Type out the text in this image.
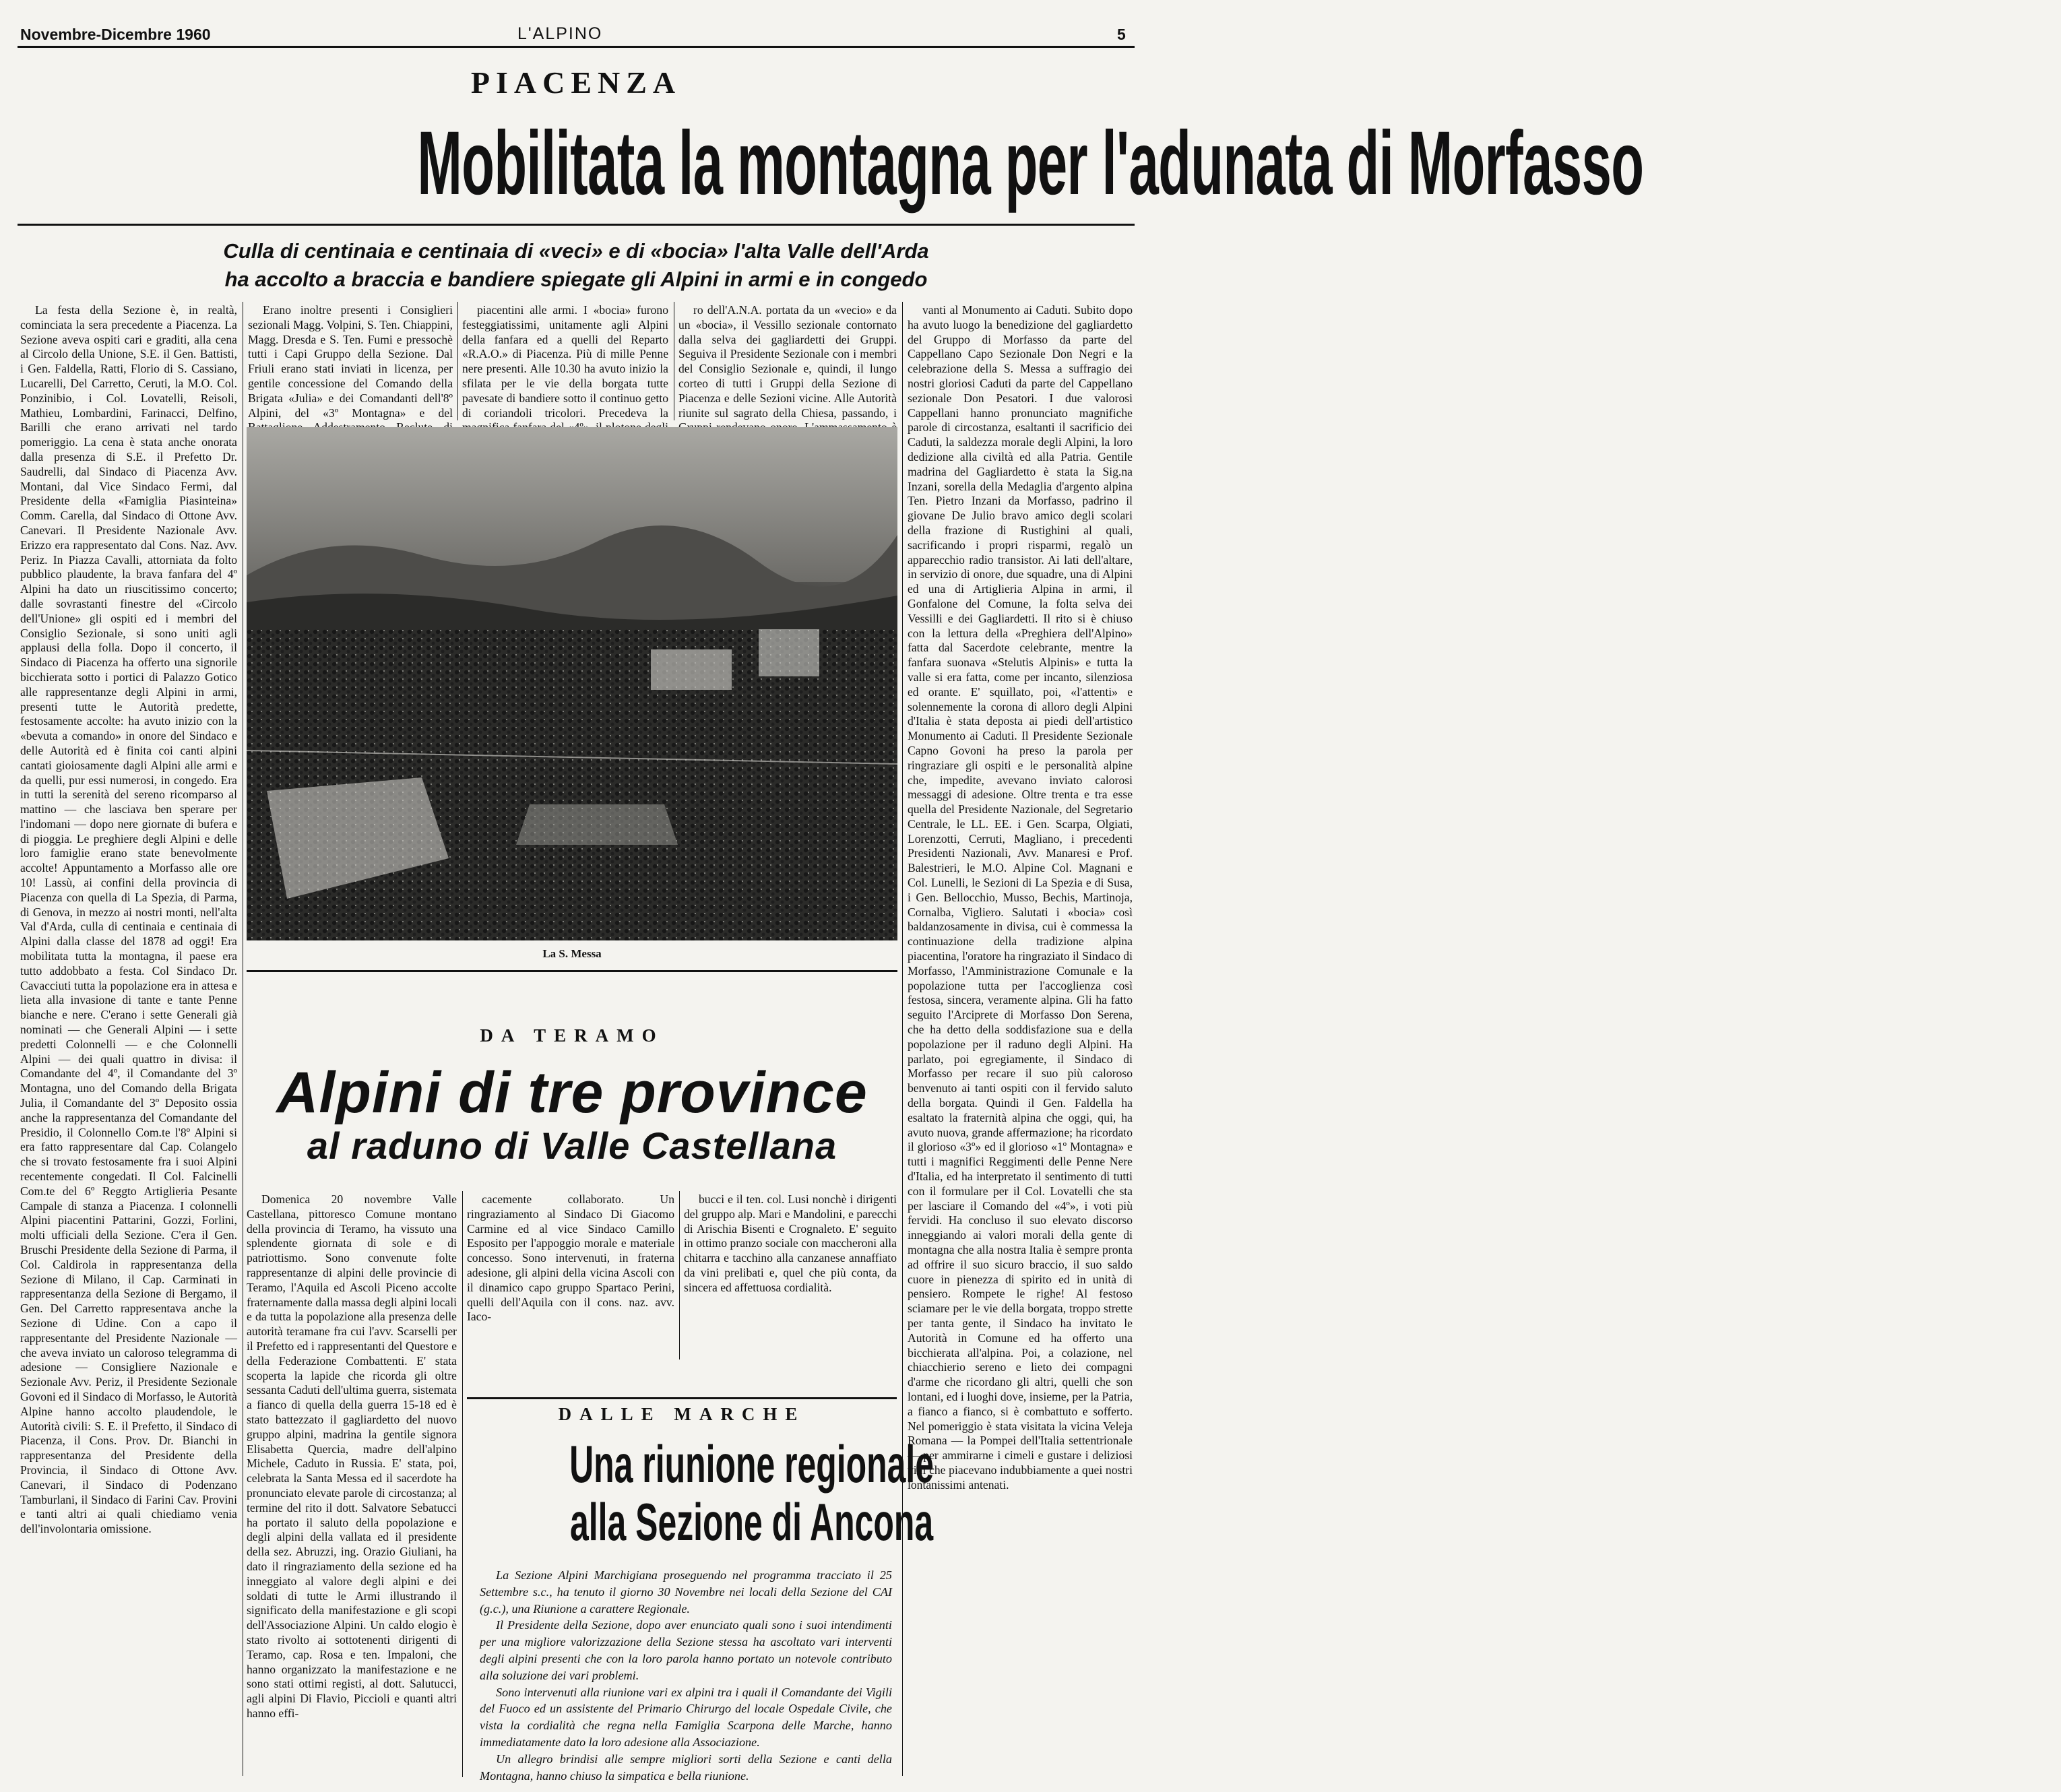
Novembre-Dicembre 1960	L'ALPINO	5
PIACENZA
Mobilitata la montagna per l'adunata di Morfasso
Culla di centinaia e centinaia di «veci» e di «bocia» l'alta Valle dell'Arda
ha accolto a braccia e bandiere spiegate gli Alpini in armi e in congedo

La festa della Sezione è, in realtà, cominciata la sera precedente a Piacenza. La Sezione aveva ospiti cari e graditi, alla cena al Circolo della Unione, S.E. il Gen. Battisti, i Gen. Faldella, Ratti, Florio di S. Cassiano, Lucarelli, Del Carretto, Ceruti, la M.O. Col. Ponzinibio, i Col. Lovatelli, Reisoli, Mathieu, Lombardini, Farinacci, Delfino, Barilli che erano arrivati nel tardo pomeriggio. La cena è stata anche onorata dalla presenza di S.E. il Prefetto Dr. Saudrelli, dal Sindaco di Piacenza Avv. Montani, dal Vice Sindaco Fermi, dal Presidente della «Famiglia Piasinteina» Comm. Carella, dal Sindaco di Ottone Avv. Canevari. Il Presidente Nazionale Avv. Erizzo era rappresentato dal Cons. Naz. Avv. Periz. In Piazza Cavalli, attorniata da folto pubblico plaudente, la brava fanfara del 4º Alpini ha dato un riuscitissimo concerto; dalle sovrastanti finestre del «Circolo dell'Unione» gli ospiti ed i membri del Consiglio Sezionale, si sono uniti agli applausi della folla. Dopo il concerto, il Sindaco di Piacenza ha offerto una signorile bicchierata sotto i portici di Palazzo Gotico alle rappresentanze degli Alpini in armi, presenti tutte le Autorità predette, festosamente accolte: ha avuto inizio con la «bevuta a comando» in onore del Sindaco e delle Autorità ed è finita coi canti alpini cantati gioiosamente dagli Alpini alle armi e da quelli, pur essi numerosi, in congedo. Era in tutti la serenità del sereno ricomparso al mattino — che lasciava ben sperare per l'indomani — dopo nere giornate di bufera e di pioggia. Le preghiere degli Alpini e delle loro famiglie erano state benevolmente accolte! Appuntamento a Morfasso alle ore 10! Lassù, ai confini della provincia di Piacenza con quella di La Spezia, di Parma, di Genova, in mezzo ai nostri monti, nell'alta Val d'Arda, culla di centinaia e centinaia di Alpini dalla classe del 1878 ad oggi! Era mobilitata tutta la montagna, il paese era tutto addobbato a festa. Col Sindaco Dr. Cavacciuti tutta la popolazione era in attesa e lieta alla invasione di tante e tante Penne bianche e nere. C'erano i sette Generali già nominati — che Generali Alpini — i sette predetti Colonnelli — e che Colonnelli Alpini — dei quali quattro in divisa: il Comandante del 4º, il Comandante del 3º Montagna, uno del Comando della Brigata Julia, il Comandante del 3º Deposito ossia anche la rappresentanza del Comandante del Presidio, il Colonnello Com.te l'8º Alpini si era fatto rappresentare dal Cap. Colangelo che si trovato festosamente fra i suoi Alpini recentemente congedati. Il Col. Falcinelli Com.te del 6º Reggto Artiglieria Pesante Campale di stanza a Piacenza. I colonnelli Alpini piacentini Pattarini, Gozzi, Forlini, molti ufficiali della Sezione. C'era il Gen. Bruschi Presidente della Sezione di Parma, il Col. Caldirola in rappresentanza della Sezione di Milano, il Cap. Carminati in rappresentanza della Sezione di Bergamo, il Gen. Del Carretto rappresentava anche la Sezione di Udine. Con a capo il rappresentante del Presidente Nazionale — che aveva inviato un caloroso telegramma di adesione — Consigliere Nazionale e Sezionale Avv. Periz, il Presidente Sezionale Govoni ed il Sindaco di Morfasso, le Autorità Alpine hanno accolto plaudendole, le Autorità civili: S. E. il Prefetto, il Sindaco di Piacenza, il Cons. Prov. Dr. Bianchi in rappresentanza del Presidente della Provincia, il Sindaco di Ottone Avv. Canevari, il Sindaco di Podenzano Tamburlani, il Sindaco di Farini Cav. Provini e tanti altri ai quali chiediamo venia dell'involontaria omissione.

Erano inoltre presenti i Consiglieri sezionali Magg. Volpini, S. Ten. Chiappini, Magg. Dresda e S. Ten. Fumi e pressochè tutti i Capi Gruppo della Sezione. Dal Friuli erano stati inviati in licenza, per gentile concessione del Comando della Brigata «Julia» e dei Comandanti dell'8º Alpini, del «3º Montagna» e del

piacentini alle armi. I «bocia» furono festeggiatissimi, unitamente agli Alpini della fanfara ed a quelli del Reparto «R.A.O.» di Piacenza. Più di mille Penne nere presenti. Alle 10.30 ha avuto inizio la sfilata per le vie della borgata tutte pavesate di bandiere sotto il continuo getto di coriandoli tricolori. Precedeva la

ro dell'A.N.A. portata da un «vecio» e da un «bocia», il Vessillo sezionale contornato dalla selva dei gagliardetti dei Gruppi. Seguiva il Presidente Sezionale con i membri del Consiglio Sezionale e, quindi, il lungo corteo di tutti i Gruppi della Sezione di Piacenza e delle Sezioni vicine. Alle Autorità riunite sul sagrato della Chiesa, passando, i

vanti al Monumento ai Caduti. Subito dopo ha avuto luogo la benedizione del gagliardetto del Gruppo di Morfasso da parte del Cappellano Capo Sezionale Don Negri e la celebrazione della S. Messa a suffragio dei nostri gloriosi Caduti da parte del Cappellano sezionale Don Pesatori. I due valorosi Cappellani hanno pronunciato magnifiche parole di circostanza, esaltanti il sacrificio dei Caduti, la saldezza morale degli Alpini, la loro dedizione alla civiltà ed alla Patria. Gentile madrina del Gagliardetto è stata la Sig.na Inzani, sorella della Medaglia d'argento alpina Ten. Pietro Inzani da Morfasso, padrino il giovane De Julio bravo amico degli scolari della frazione di Rustighini al quali, sacrificando i propri risparmi, regalò un apparecchio radio transistor. Ai lati dell'altare, in servizio di onore, due squadre, una di Alpini ed una di Artiglieria Alpina in armi, il Gonfalone del Comune, la folta selva dei Vessilli e dei Gagliardetti. Il rito si è chiuso con la lettura della «Preghiera dell'Alpino» fatta dal Sacerdote celebrante, mentre la fanfara suonava «Stelutis Alpinis» e tutta la valle si era fatta, come per incanto, silenziosa ed orante. E' squillato, poi, «l'attenti» e solennemente la corona di alloro degli Alpini d'Italia è stata deposta ai piedi dell'artistico Monumento ai Caduti. Il Presidente Sezionale Capno Govoni ha preso la parola per ringraziare gli ospiti e le personalità alpine che, impedite, avevano inviato calorosi messaggi di adesione. Oltre trenta e tra esse quella del Presidente Nazionale, del Segretario Centrale, le LL. EE. i Gen. Scarpa, Olgiati, Lorenzotti, Cerruti, Magliano, i precedenti Presidenti Nazionali, Avv. Manaresi e Prof. Balestrieri, le M.O. Alpine Col. Magnani e Col. Lunelli, le Sezioni di La Spezia e di Susa, i Gen. Bellocchio, Musso, Bechis, Martinoja, Cornalba, Vigliero. Salutati i «bocia» così baldanzosamente in divisa, cui è commessa la continuazione della tradizione alpina piacentina, l'oratore ha ringraziato il Sindaco di Morfasso, l'Amministrazione Comunale e la popolazione tutta per l'accoglienza così festosa, sincera, veramente alpina. Gli ha fatto seguito l'Arciprete di Morfasso Don Serena, che ha detto della soddisfazione sua e della popolazione per il raduno degli Alpini. Ha parlato, poi egregiamente, il Sindaco di Morfasso per recare il suo più caloroso benvenuto ai tanti ospiti con il fervido saluto della borgata. Quindi il Gen. Faldella ha esaltato la fraternità alpina che oggi, qui, ha avuto nuova, grande affermazione; ha ricordato il glorioso «3º» ed il glorioso «1º Montagna» e tutti i magnifici Reggimenti delle Penne Nere d'Italia, ed ha interpretato il sentimento di tutti con il formulare per il Col. Lovatelli che sta per lasciare il Comando del «4º», i voti più fervidi. Ha concluso il suo elevato discorso inneggiando ai valori morali della gente di montagna che alla nostra Italia è sempre pronta ad offrire il suo sicuro braccio, il suo saldo cuore in pienezza di spirito ed in unità di pensiero. Rompete le righe! Al festoso sciamare per le vie della borgata, troppo strette per tanta gente, il Sindaco ha invitato le Autorità in Comune ed ha offerto una bicchierata all'alpina. Poi, a colazione, nel chiacchierio sereno e lieto dei compagni d'arme che ricordano gli altri, quelli che son lontani, ed i luoghi dove, insieme, per la Patria, a fianco a fianco, si è combattuto e sofferto. Nel pomeriggio è stata visitata la vicina Veleja Romana — la Pompei dell'Italia settentrionale — per ammirarne i cimeli e gustare i deliziosi vini che piacevano indubbiamente a quei nostri lontanissimi antenati.

La S. Messa
DA TERAMO
Alpini di tre province
al raduno di Valle Castellana

Domenica 20 novembre Valle Castellana, pittoresco Comune montano della provincia di Teramo, ha vissuto una splendente giornata di sole e di patriottismo. Sono convenute folte rappresentanze di alpini delle provincie di Teramo, l'Aquila ed Ascoli Piceno accolte fraternamente dalla massa degli alpini locali e da tutta la popolazione alla presenza delle autorità teramane fra cui l'avv. Scarselli per il Prefetto ed i rappresentanti del Questore e della Federazione Combattenti. E' stata scoperta la lapide che ricorda gli oltre sessanta Caduti dell'ultima guerra, sistemata a fianco di quella della guerra 15-18 ed è stato battezzato il gagliardetto del nuovo gruppo alpini, madrina la gentile signora Elisabetta Quercia, madre dell'alpino Michele, Caduto in Russia. E' stata, poi, celebrata la Santa Messa ed il sacerdote ha pronunciato elevate parole di circostanza; al termine del rito il dott. Salvatore Sebatucci ha portato il saluto della popolazione e degli alpini della vallata ed il presidente della sez. Abruzzi, ing. Orazio Giuliani, ha dato il ringraziamento della sezione ed ha inneggiato al valore degli alpini e dei soldati di tutte le Armi illustrando il significato della manifestazione e gli scopi dell'Associazione Alpini. Un caldo elogio è stato rivolto ai sottotenenti dirigenti di Teramo, cap. Rosa e ten. Impaloni, che hanno organizzato la manifestazione e ne sono stati ottimi registi, al dott. Salutucci, agli alpini Di Flavio, Piccioli e quanti altri hanno effi-

cacemente collaborato. Un ringraziamento al Sindaco Di Giacomo Carmine ed al vice Sindaco Camillo Esposito per l'appoggio morale e materiale concesso. Sono intervenuti, in fraterna adesione, gli alpini della vicina Ascoli con il dinamico capo gruppo Spartaco Perini, quelli dell'Aquila con il cons. naz. avv. Iaco-

bucci e il ten. col. Lusi nonchè i dirigenti del gruppo alp. Mari e Mandolini, e parecchi di Arischia Bisenti e Crognaleto. E' seguito in ottimo pranzo sociale con maccheroni alla chitarra e tacchino alla canzanese annaffiato da vini prelibati e, quel che più conta, da sincera ed affettuosa cordialità.

DALLE MARCHE
Una riunione regionale
alla Sezione di Ancona

La Sezione Alpini Marchigiana proseguendo nel programma tracciato il 25 Settembre s.c., ha tenuto il giorno 30 Novembre nei locali della Sezione del CAI (g.c.), una Riunione a carattere Regionale.

Il Presidente della Sezione, dopo aver enunciato quali sono i suoi intendimenti per una migliore valorizzazione della Sezione stessa ha ascoltato vari interventi degli alpini presenti che con la loro parola hanno portato un notevole contributo alla soluzione dei vari problemi.

Sono intervenuti alla riunione vari ex alpini tra i quali il Comandante dei Vigili del Fuoco ed un assistente del Primario Chirurgo del locale Ospedale Civile, che vista la cordialità che regna nella Famiglia Scarpona delle Marche, hanno immediatamente dato la loro adesione alla Associazione.

Un allegro brindisi alle sempre migliori sorti della Sezione e canti della Montagna, hanno chiuso la simpatica e bella riunione.
